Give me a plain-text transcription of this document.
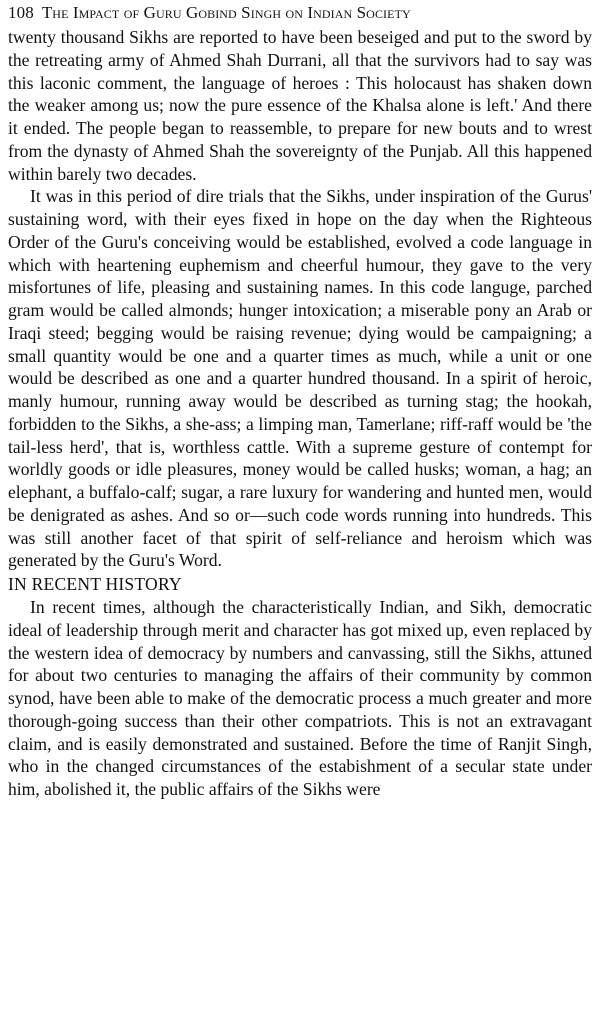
108 The Impact of Guru Gobind Singh on Indian Society

twenty thousand Sikhs are reported to have been beseiged and put to the sword by the retreating army of Ahmed Shah Durrani, all that the survivors had to say was this laconic comment, the language of heroes : This holocaust has shaken down the weaker among us; now the pure essence of the Khalsa alone is left.' And there it ended. The people began to reassemble, to prepare for new bouts and to wrest from the dynasty of Ahmed Shah the sovereignty of the Punjab. All this happened within barely two decades.

It was in this period of dire trials that the Sikhs, under inspiration of the Gurus' sustaining word, with their eyes fixed in hope on the day when the Righteous Order of the Guru's conceiving would be established, evolved a code language in which with heartening euphemism and cheerful humour, they gave to the very misfortunes of life, pleasing and sustaining names. In this code languge, parched gram would be called almonds; hunger intoxication; a miserable pony an Arab or Iraqi steed; begging would be raising revenue; dying would be campaigning; a small quantity would be one and a quarter times as much, while a unit or one would be described as one and a quarter hundred thousand. In a spirit of heroic, manly humour, running away would be described as turning stag; the hookah, forbidden to the Sikhs, a she-ass; a limping man, Tamerlane; riff-raff would be 'the tail-less herd', that is, worthless cattle. With a supreme gesture of contempt for worldly goods or idle pleasures, money would be called husks; woman, a hag; an elephant, a buffalo-calf; sugar, a rare luxury for wandering and hunted men, would be denigrated as ashes. And so or—such code words running into hundreds. This was still another facet of that spirit of self-reliance and heroism which was generated by the Guru's Word.

IN RECENT HISTORY

In recent times, although the characteristically Indian, and Sikh, democratic ideal of leadership through merit and character has got mixed up, even replaced by the western idea of democracy by numbers and canvassing, still the Sikhs, attuned for about two centuries to managing the affairs of their community by common synod, have been able to make of the democratic process a much greater and more thorough-going success than their other compatriots. This is not an extravagant claim, and is easily demonstrated and sustained. Before the time of Ranjit Singh, who in the changed circumstances of the estabishment of a secular state under him, abolished it, the public affairs of the Sikhs were
